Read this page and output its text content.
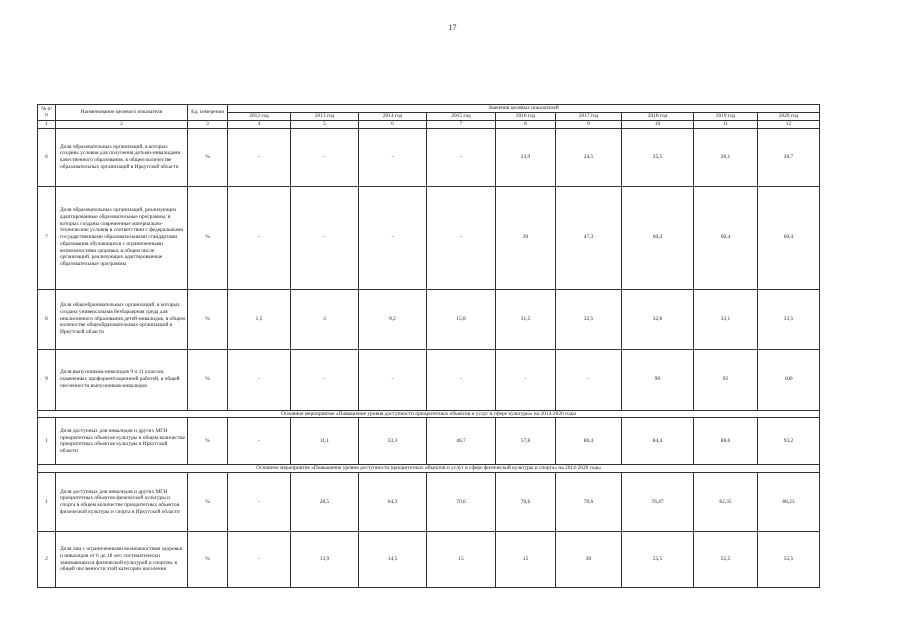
17
№ п/п	Наименование целевого показателя	Ед. измерения	Значения целевых показателей								
			2012 год	2013 год	2014 год	2015 год	2016 год	2017 год	2018 год	2019 год	2020 год
1	2	3	4	5	6	7	8	9	10	11	12
6	Доля образовательных организаций, в которых созданы условия для получения детьми-инвалидами качественного образования, в общем количестве образовательных организаций в Иркутской области	%	-	-	-	-	23,9	24,5	25,5	26,1	26,7
7	Доля образовательных организаций, реализующих адаптированные образовательные программы, в которых созданы современные материально-технические условия в соответствии с федеральными государственными образовательными стандартами образования обучающихся с ограниченными возможностями здоровья, в общем числе организаций, реализующих адаптированные образовательные программы	%	-	-	-	-	20	47,3	60,4	60,4	60,4
8	Доля общеобразовательных организаций, в которых создана универсальная безбарьерная среда для инклюзивного образования детей-инвалидов, в общем количестве общеобразовательных организаций в Иркутской области	%	1,5	3	9,2	15,8	31,5	32,5	32,8	33,1	33,5
9	Доля выпускников-инвалидов 9 и 11 классов, охваченных профориентационной работой, в общей численности выпускников-инвалидов	%	-	-	-	-	-	-	90	95	100
Основное мероприятие «Повышение уровня доступности приоритетных объектов и услуг в сфере культуры» на 2014-2020 годы											
1	Доля доступных для инвалидов и других МГН приоритетных объектов культуры в общем количестве приоритетных объектов культуры в Иркутской области	%	-	11,1	33,3	46,7	57,8	80,4	84,4	88,6	93,2
Основное мероприятие «Повышение уровня доступности приоритетных объектов и услуг в сфере физической культуры и спорта» на 2014-2020 годы											
1	Доля доступных для инвалидов и других МГН приоритетных объектов физической культуры и спорта в общем количестве приоритетных объектов физической культуры и спорта в Иркутской области	%	-	28,5	64,3	70,6	70,6	70,6	76,47	82,35	88,23
2	Доля лиц с ограниченными возможностями здоровья и инвалидов от 6 до 18 лет, систематически занимающихся физической культурой и спортом, в общей численности этой категории населения	%	-	13,9	14,5	15	15	30	55,5	55,5	55,5
